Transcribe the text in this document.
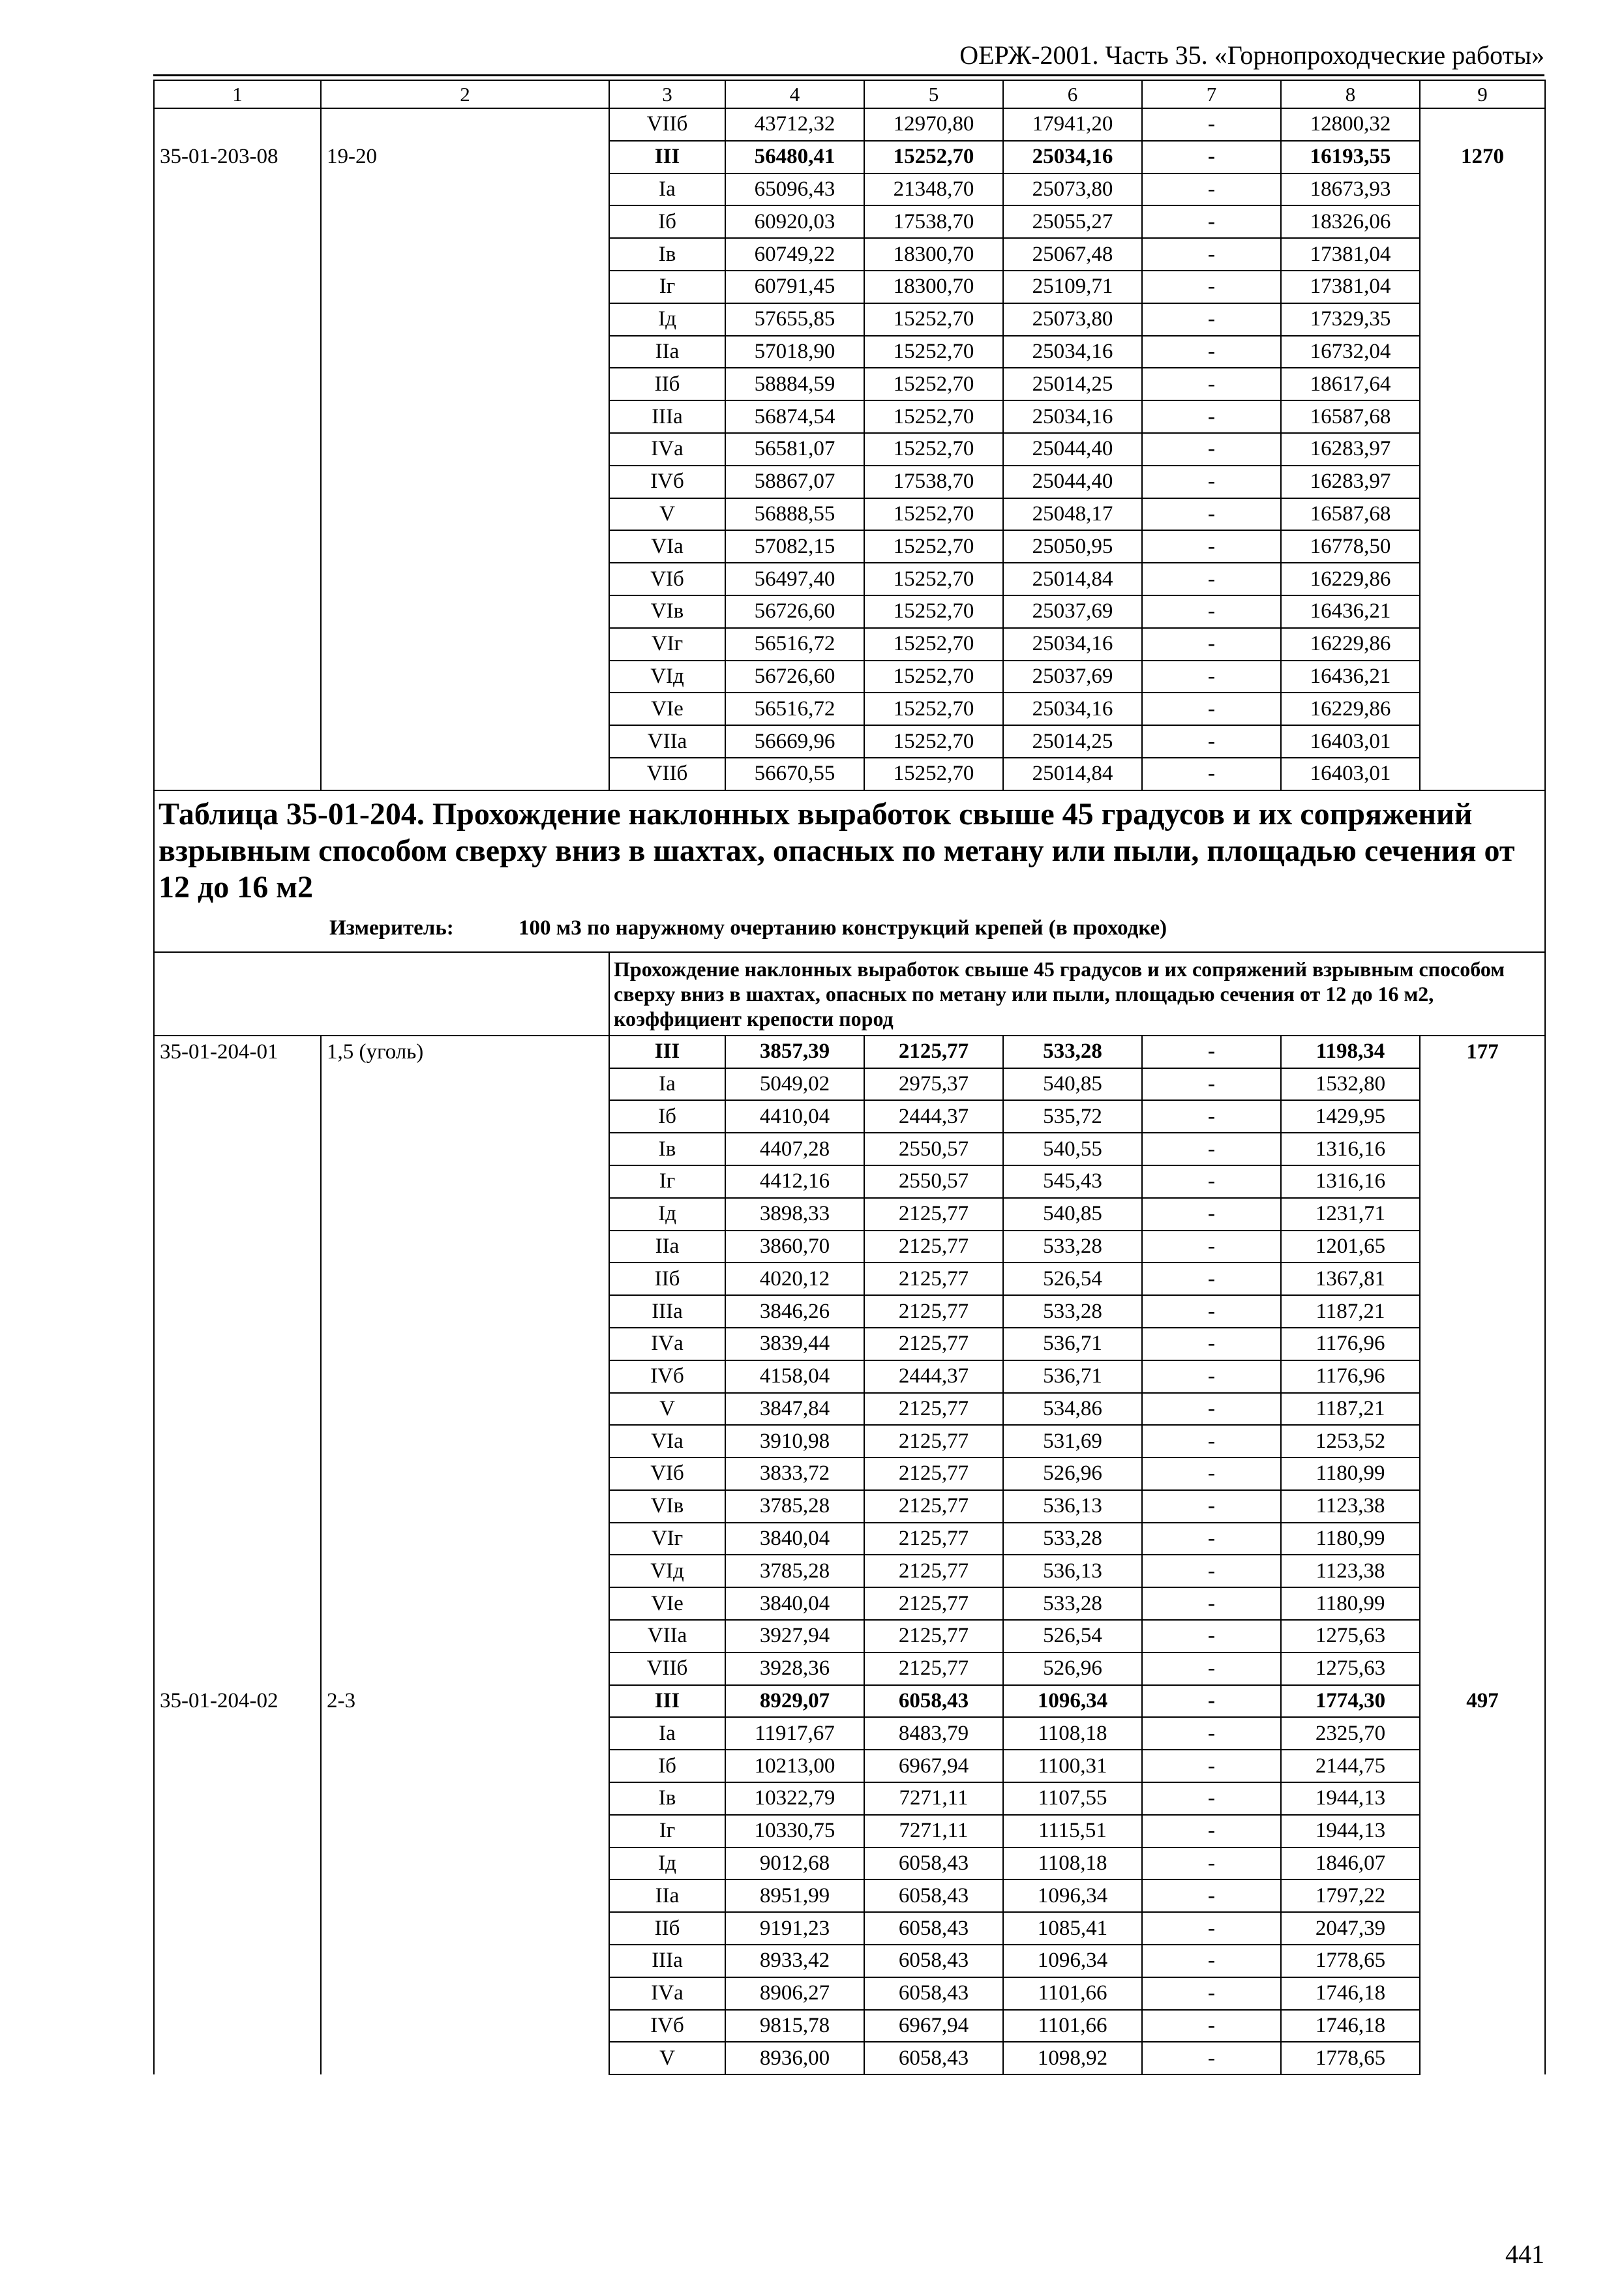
ОЕРЖ-2001. Часть 35. «Горнопроходческие работы»
1	2	3	4	5	6	7	8	9
		VIIб	43712,32	12970,80	17941,20	-	12800,32	
35-01-203-08	19-20	III	56480,41	15252,70	25034,16	-	16193,55	1270
		Iа	65096,43	21348,70	25073,80	-	18673,93	
		Iб	60920,03	17538,70	25055,27	-	18326,06	
		Iв	60749,22	18300,70	25067,48	-	17381,04	
		Iг	60791,45	18300,70	25109,71	-	17381,04	
		Iд	57655,85	15252,70	25073,80	-	17329,35	
		IIа	57018,90	15252,70	25034,16	-	16732,04	
		IIб	58884,59	15252,70	25014,25	-	18617,64	
		IIIа	56874,54	15252,70	25034,16	-	16587,68	
		IVа	56581,07	15252,70	25044,40	-	16283,97	
		IVб	58867,07	17538,70	25044,40	-	16283,97	
		V	56888,55	15252,70	25048,17	-	16587,68	
		VIа	57082,15	15252,70	25050,95	-	16778,50	
		VIб	56497,40	15252,70	25014,84	-	16229,86	
		VIв	56726,60	15252,70	25037,69	-	16436,21	
		VIг	56516,72	15252,70	25034,16	-	16229,86	
		VIд	56726,60	15252,70	25037,69	-	16436,21	
		VIе	56516,72	15252,70	25034,16	-	16229,86	
		VIIа	56669,96	15252,70	25014,25	-	16403,01	
		VIIб	56670,55	15252,70	25014,84	-	16403,01	

Таблица 35-01-204. Прохождение наклонных выработок свыше 45 градусов и их сопряжений взрывным способом сверху вниз в шахтах, опасных по метану или пыли, площадью сечения от 12 до 16 м2
Измеритель: 100 м3 по наружному очертанию конструкций крепей (в проходке)								

		Прохождение наклонных выработок свыше 45 градусов и их сопряжений взрывным способом сверху вниз в шахтах, опасных по метану или пыли, площадью сечения от 12 до 16 м2, коэффициент крепости пород						
35-01-204-01	1,5 (уголь)	III	3857,39	2125,77	533,28	-	1198,34	177
		Iа	5049,02	2975,37	540,85	-	1532,80	
		Iб	4410,04	2444,37	535,72	-	1429,95	
		Iв	4407,28	2550,57	540,55	-	1316,16	
		Iг	4412,16	2550,57	545,43	-	1316,16	
		Iд	3898,33	2125,77	540,85	-	1231,71	
		IIа	3860,70	2125,77	533,28	-	1201,65	
		IIб	4020,12	2125,77	526,54	-	1367,81	
		IIIа	3846,26	2125,77	533,28	-	1187,21	
		IVа	3839,44	2125,77	536,71	-	1176,96	
		IVб	4158,04	2444,37	536,71	-	1176,96	
		V	3847,84	2125,77	534,86	-	1187,21	
		VIа	3910,98	2125,77	531,69	-	1253,52	
		VIб	3833,72	2125,77	526,96	-	1180,99	
		VIв	3785,28	2125,77	536,13	-	1123,38	
		VIг	3840,04	2125,77	533,28	-	1180,99	
		VIд	3785,28	2125,77	536,13	-	1123,38	
		VIе	3840,04	2125,77	533,28	-	1180,99	
		VIIа	3927,94	2125,77	526,54	-	1275,63	
		VIIб	3928,36	2125,77	526,96	-	1275,63	
35-01-204-02	2-3	III	8929,07	6058,43	1096,34	-	1774,30	497
		Iа	11917,67	8483,79	1108,18	-	2325,70	
		Iб	10213,00	6967,94	1100,31	-	2144,75	
		Iв	10322,79	7271,11	1107,55	-	1944,13	
		Iг	10330,75	7271,11	1115,51	-	1944,13	
		Iд	9012,68	6058,43	1108,18	-	1846,07	
		IIа	8951,99	6058,43	1096,34	-	1797,22	
		IIб	9191,23	6058,43	1085,41	-	2047,39	
		IIIа	8933,42	6058,43	1096,34	-	1778,65	
		IVа	8906,27	6058,43	1101,66	-	1746,18	
		IVб	9815,78	6967,94	1101,66	-	1746,18	
		V	8936,00	6058,43	1098,92	-	1778,65	
441
